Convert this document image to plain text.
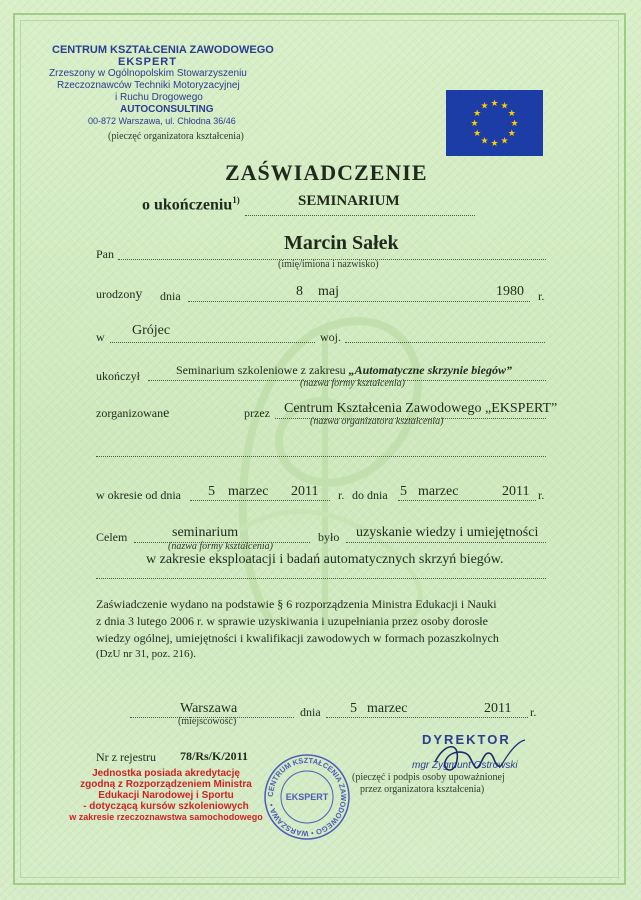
CENTRUM KSZTAŁCENIA ZAWODOWEGO
EKSPERT
Zrzeszony w Ogólnopolskim Stowarzyszeniu
Rzeczoznawców Techniki Motoryzacyjnej
i Ruchu Drogowego
AUTOCONSULTING
00-872 Warszawa, ul. Chłodna 36/46
(pieczęć organizatora kształcenia)
★ ★
★
★
★
★
★
★
★
★
★
★
ZAŚWIADCZENIE
o ukończeniu$^{1)}$	SEMINARIUM
Pan	Marcin Sałek
(imię/imiona i nazwisko)
urodzony dnia	8 maj	1980 r.
w Grójec	woj.
ukończył	Seminarium szkoleniowe z zakresu „Automatyczne skrzynie biegów”
(nazwa formy kształcenia)
zorganizowane	przez Centrum Kształcenia Zawodowego „EKSPERT”
(nazwa organizatora kształcenia)
w okresie od dnia 5 marzec 2011 r. do dnia 5 marzec	2011 r.
Celem	seminarium
(nazwa formy kształcenia)
było uzyskanie wiedzy i umiejętności
w zakresie eksploatacji i badań automatycznych skrzyń biegów.
Zaświadczenie wydano na podstawie § 6 rozporządzenia Ministra Edukacji i Nauki
z dnia 3 lutego 2006 r. w sprawie uzyskiwania i uzupełniania przez osoby dorosłe
wiedzy ogólnej, umiejętności i kwalifikacji zawodowych w formach pozaszkolnych
(DzU nr 31, poz. 216).
Warszawa
(miejscowość)
dnia 5 marzec	2011 r.
DYREKTOR
mgr Zygmunt Ostrowski
(pieczęć i podpis osoby upoważnionej
przez organizatora kształcenia)
Nr z rejestru 78/Rs/K/2011
Jednostka posiada akredytację
zgodną z Rozporządzeniem Ministra
Edukacji Narodowej i Sportu
- dotyczącą kursów szkoleniowych
w zakresie rzeczoznawstwa samochodowego
CENTRUM KSZTAŁCENIA ZAWODOWEGO • WARSZAWA •
EKSPERT
